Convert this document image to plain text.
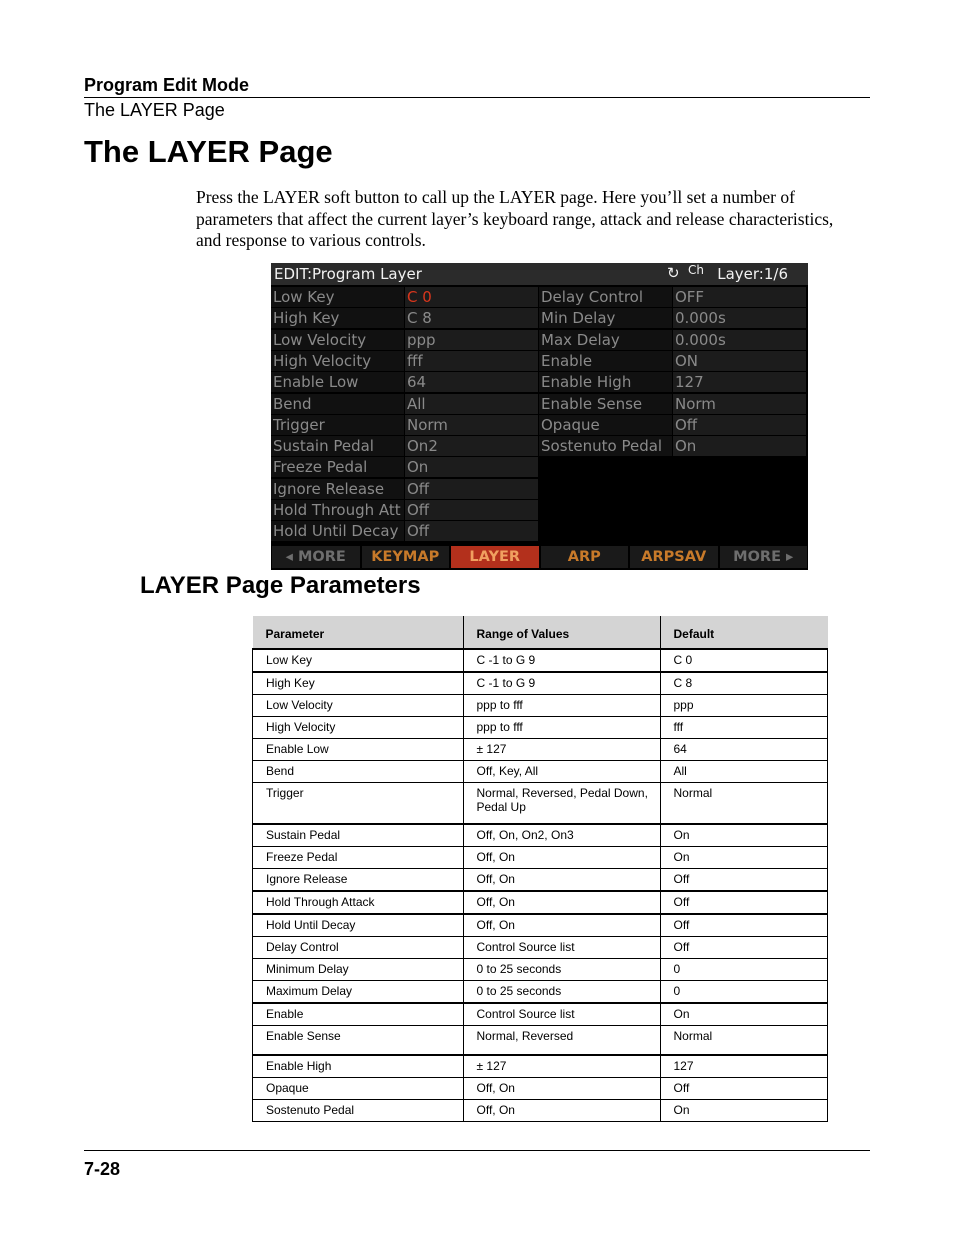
Program Edit Mode
The LAYER Page
The LAYER Page

Press the LAYER soft button to call up the LAYER page. Here you’ll set a number of parameters that affect the current layer’s keyboard range, attack and release characteristics, and response to various controls.

EDIT:Program Layer	↻ Ch Layer:1/6
Low Key	C 0
High Key	C 8
Low Velocity	ppp
High Velocity	fff
Enable Low	64
Bend	All
Trigger	Norm
Sustain Pedal	On2
Freeze Pedal	On
Ignore Release	Off
Hold Through Att Off
Hold Until Decay Off
Delay Control	OFF
Min Delay	0.000s
Max Delay	0.000s
Enable	ON
Enable High	127
Enable Sense	Norm
Opaque	Off
Sostenuto Pedal On
◂ MORE	KEYMAP	LAYER	ARP	ARPSAV	MORE ▸
LAYER Page Parameters
Parameter	Range of Values	Default
Low Key	C -1 to G 9	C 0
High Key	C -1 to G 9	C 8
Low Velocity	ppp to fff	ppp
High Velocity	ppp to fff	fff
Enable Low	± 127	64
Bend	Off, Key, All	All
Trigger	Normal, Reversed, Pedal Down, Pedal Up	Normal
Sustain Pedal	Off, On, On2, On3	On
Freeze Pedal	Off, On	On
Ignore Release	Off, On	Off
Hold Through Attack	Off, On	Off
Hold Until Decay	Off, On	Off
Delay Control	Control Source list	Off
Minimum Delay	0 to 25 seconds	0
Maximum Delay	0 to 25 seconds	0
Enable	Control Source list	On
Enable Sense	Normal, Reversed	Normal
Enable High	± 127	127
Opaque	Off, On	Off
Sostenuto Pedal	Off, On	On
7-28
